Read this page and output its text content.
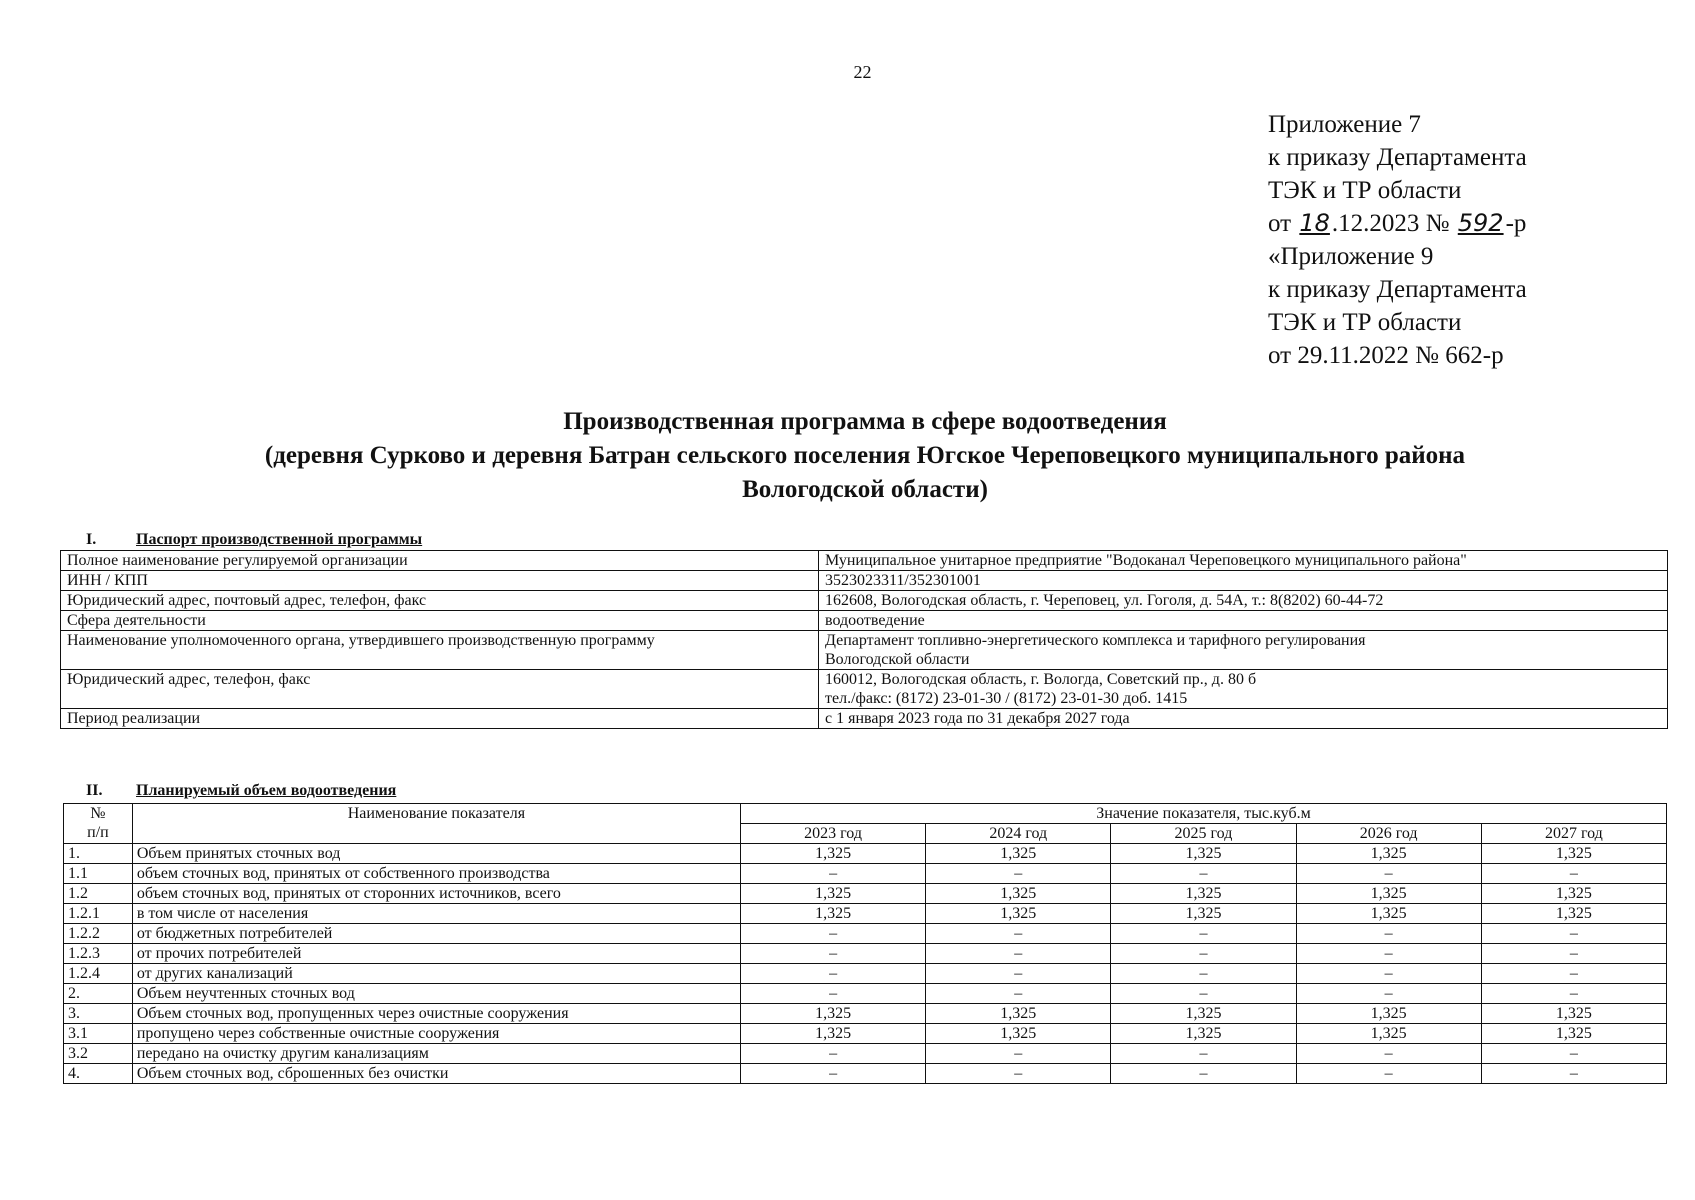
22
Приложение 7
к приказу Департамента
ТЭК и ТР области
от 18.12.2023 № 592-р
«Приложение 9
к приказу Департамента
ТЭК и ТР области
от 29.11.2022 № 662-р
Производственная программа в сфере водоотведения
(деревня Сурково и деревня Батран сельского поселения Югское Череповецкого муниципального района
Вологодской области)
I. Паспорт производственной программы
Полное наименование регулируемой организации	Муниципальное унитарное предприятие "Водоканал Череповецкого муниципального района"

ИНН / КПП	3523023311/352301001

Юридический адрес, почтовый адрес, телефон, факс	162608, Вологодская область, г. Череповец, ул. Гоголя, д. 54А, т.: 8(8202) 60-44-72

Сфера деятельности	водоотведение

Наименование уполномоченного органа, утвердившего производственную программу	Департамент топливно-энергетического комплекса и тарифного регулирования
Вологодской области

Юридический адрес, телефон, факс	160012, Вологодская область, г. Вологда, Советский пр., д. 80 б
тел./факс: (8172) 23-01-30 / (8172) 23-01-30 доб. 1415

Период реализации	с 1 января 2023 года по 31 декабря 2027 года
II. Планируемый объем водоотведения
№
п/п	Наименование показателя	Значение показателя, тыс.куб.м				
		2023 год	2024 год	2025 год	2026 год	2027 год
1.	Объем принятых сточных вод	1,325	1,325	1,325	1,325	1,325
1.1	объем сточных вод, принятых от собственного производства	–	–	–	–	–
1.2	объем сточных вод, принятых от сторонних источников, всего	1,325	1,325	1,325	1,325	1,325
1.2.1	в том числе от населения	1,325	1,325	1,325	1,325	1,325
1.2.2	от бюджетных потребителей	–	–	–	–	–
1.2.3	от прочих потребителей	–	–	–	–	–
1.2.4	от других канализаций	–	–	–	–	–
2.	Объем неучтенных сточных вод	–	–	–	–	–
3.	Объем сточных вод, пропущенных через очистные сооружения	1,325	1,325	1,325	1,325	1,325
3.1	пропущено через собственные очистные сооружения	1,325	1,325	1,325	1,325	1,325
3.2	передано на очистку другим канализациям	–	–	–	–	–
4.	Объем сточных вод, сброшенных без очистки	–	–	–	–	–
